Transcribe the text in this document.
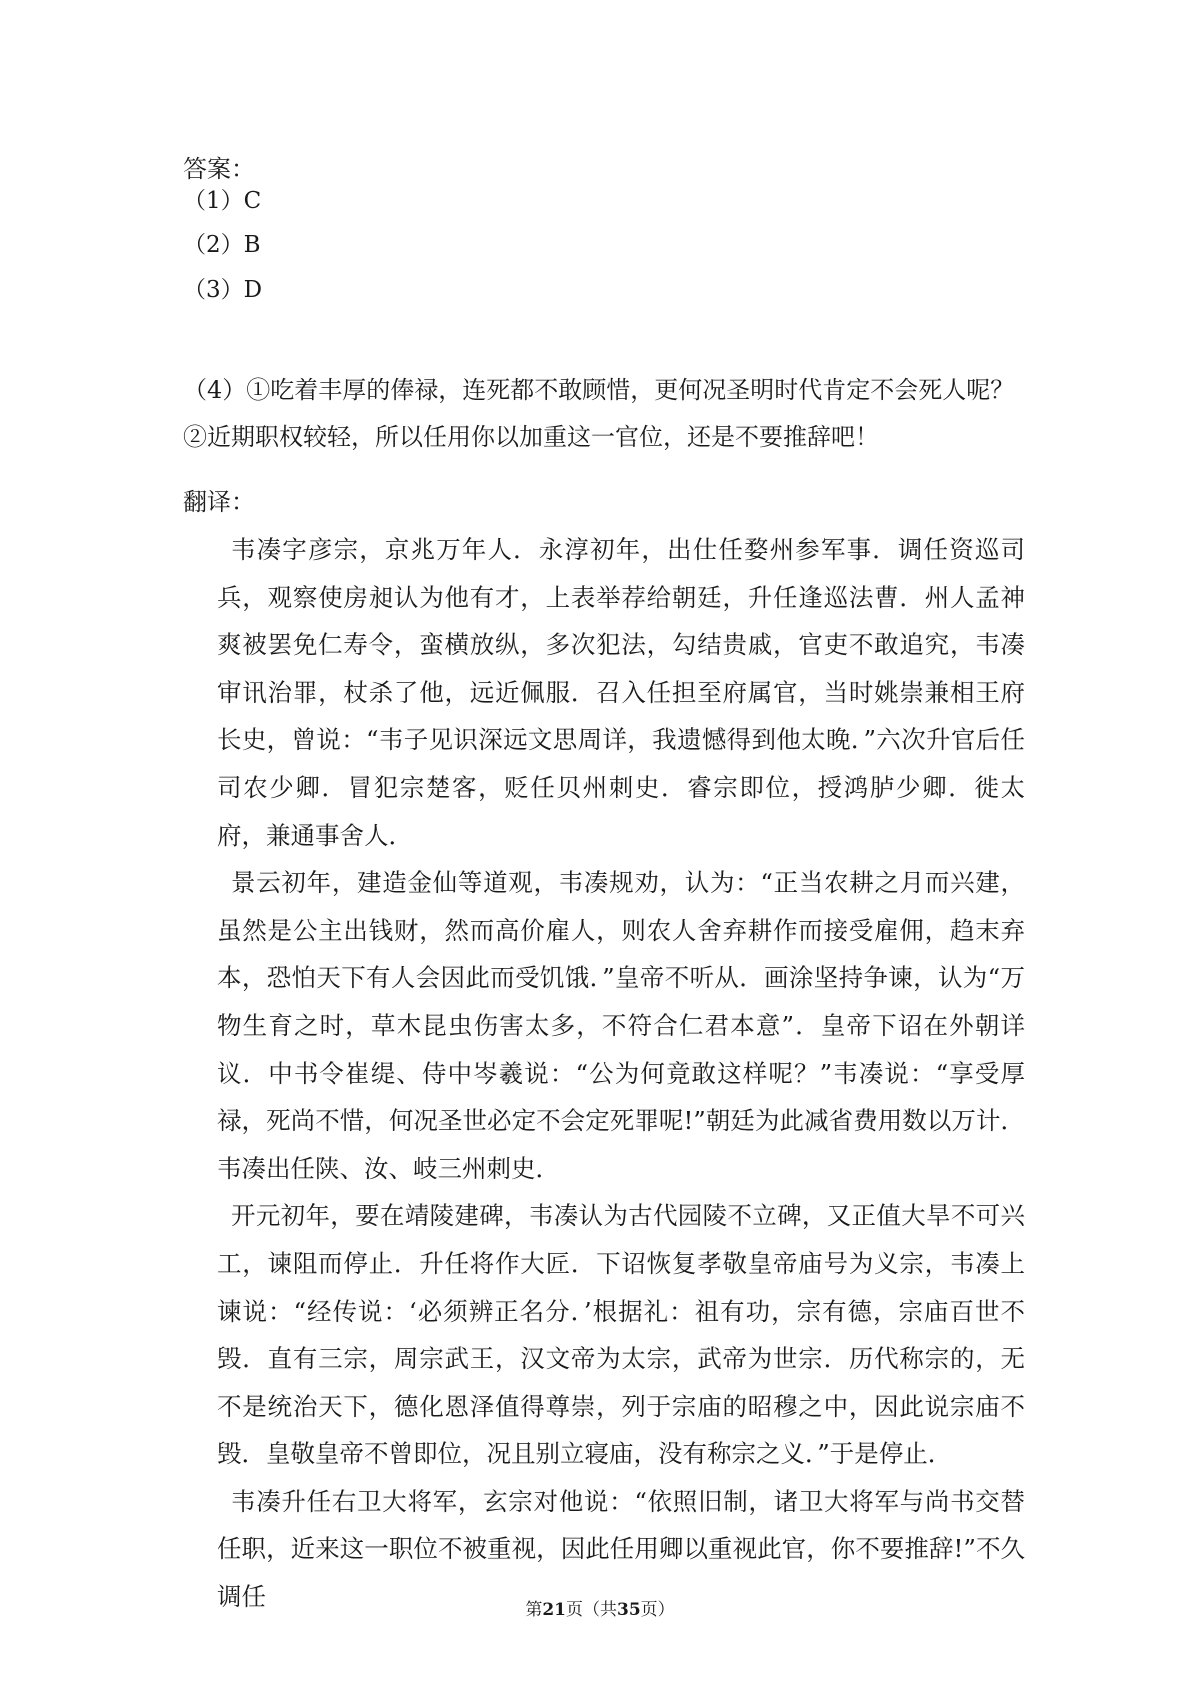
答案：
（1）C
（2）B
（3）D
（4）①吃着丰厚的俸禄，连死都不敢顾惜，更何况圣明时代肯定不会死人呢？
②近期职权较轻，所以任用你以加重这一官位，还是不要推辞吧！
翻译：

韦凑字彦宗，京兆万年人．永淳初年，出仕任婺州参军事．调任资巡司兵，观察使房昶认为他有才，上表举荐给朝廷，升任逢巡法曹．州人孟神爽被罢免仁寿令，蛮横放纵，多次犯法，勾结贵戚，官吏不敢追究，韦凑审讯治罪，杖杀了他，远近佩服．召入任担至府属官，当时姚崇兼相王府长史，曾说：“韦子见识深远文思周详，我遗憾得到他太晚．”六次升官后任司农少卿．冒犯宗楚客，贬任贝州刺史．睿宗即位，授鸿胪少卿．徙太府，兼通事舍人．

景云初年，建造金仙等道观，韦凑规劝，认为：“正当农耕之月而兴建，虽然是公主出钱财，然而高价雇人，则农人舍弃耕作而接受雇佣，趋末弃本，恐怕天下有人会因此而受饥饿．”皇帝不听从．画涂坚持争谏，认为“万物生育之时，草木昆虫伤害太多，不符合仁君本意”．皇帝下诏在外朝详议．中书令崔缇、侍中岑羲说：“公为何竟敢这样呢？”韦凑说：“享受厚禄，死尚不惜，何况圣世必定不会定死罪呢!”朝廷为此减省费用数以万计．韦凑出任陕、汝、岐三州刺史．

开元初年，要在靖陵建碑，韦凑认为古代园陵不立碑，又正值大旱不可兴工，谏阻而停止．升任将作大匠．下诏恢复孝敬皇帝庙号为义宗，韦凑上谏说：“经传说：‘必须辨正名分．’根据礼：祖有功，宗有德，宗庙百世不毁．直有三宗，周宗武王，汉文帝为太宗，武帝为世宗．历代称宗的，无不是统治天下，德化恩泽值得尊崇，列于宗庙的昭穆之中，因此说宗庙不毁．皇敬皇帝不曾即位，况且别立寝庙，没有称宗之义．”于是停止．

韦凑升任右卫大将军，玄宗对他说：“依照旧制，诸卫大将军与尚书交替任职，近来这一职位不被重视，因此任用卿以重视此官，你不要推辞!”不久调任	第21页（共35页）
